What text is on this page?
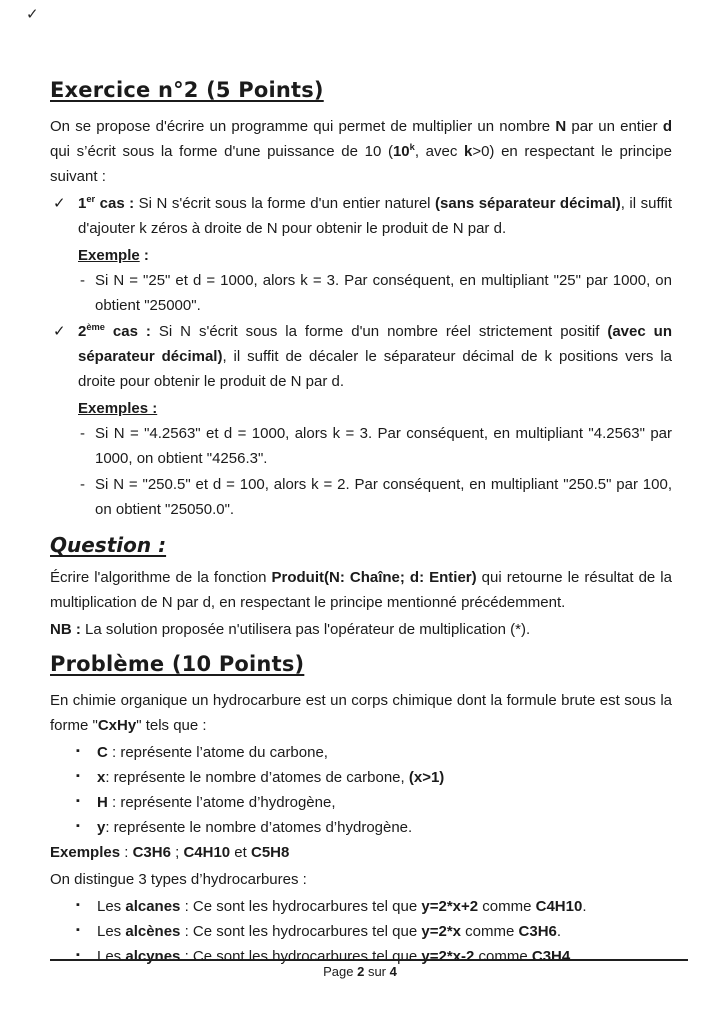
✓
Exercice n°2 (5 Points)
On se propose d'écrire un programme qui permet de multiplier un nombre N par un entier d qui s’écrit sous la forme d'une puissance de 10 (10$^k$, avec k>0) en respectant le principe suivant :
✓ 1er cas : Si N s'écrit sous la forme d'un entier naturel (sans séparateur décimal), il suffit d'ajouter k zéros à droite de N pour obtenir le produit de N par d.
Exemple :
- Si N = "25" et d = 1000, alors k = 3. Par conséquent, en multipliant "25" par 1000, on obtient "25000".
✓ 2ème cas : Si N s'écrit sous la forme d'un nombre réel strictement positif (avec un séparateur décimal), il suffit de décaler le séparateur décimal de k positions vers la droite pour obtenir le produit de N par d.
Exemples :
- Si N = "4.2563" et d = 1000, alors k = 3. Par conséquent, en multipliant "4.2563" par 1000, on obtient "4256.3".
- Si N = "250.5" et d = 100, alors k = 2. Par conséquent, en multipliant "250.5" par 100, on obtient "25050.0".
Question :
Écrire l'algorithme de la fonction Produit(N: Chaîne; d: Entier) qui retourne le résultat de la multiplication de N par d, en respectant le principe mentionné précédemment.
NB : La solution proposée n'utilisera pas l'opérateur de multiplication (*).
Problème (10 Points)
En chimie organique un hydrocarbure est un corps chimique dont la formule brute est sous la forme "CxHy" tels que :
▪ C : représente l’atome du carbone,
▪ x: représente le nombre d’atomes de carbone, (x>1)
▪ H : représente l’atome d’hydrogène,
▪ y: représente le nombre d’atomes d’hydrogène.
Exemples : C3H6 ; C4H10 et C5H8
On distingue 3 types d’hydrocarbures :
▪ Les alcanes : Ce sont les hydrocarbures tel que y=2*x+2 comme C4H10.
▪ Les alcènes : Ce sont les hydrocarbures tel que y=2*x comme C3H6.
▪ Les alcynes : Ce sont les hydrocarbures tel que y=2*x-2 comme C3H4.
Page 2 sur 4
